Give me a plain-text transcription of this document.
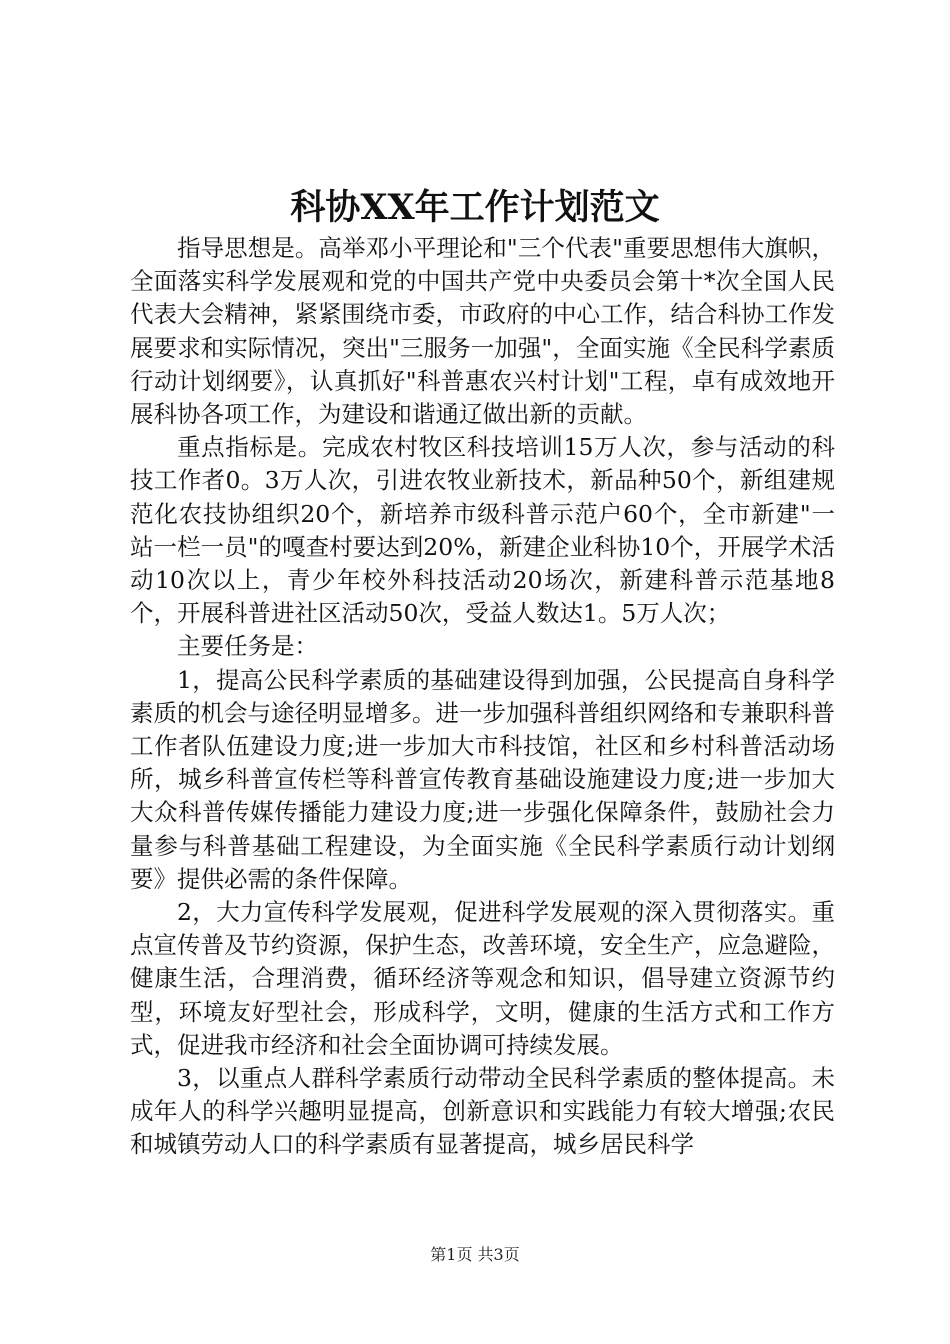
科协XX年工作计划范文

指导思想是。高举邓小平理论和"三个代表"重要思想伟大旗帜，全面落实科学发展观和党的中国共产党中央委员会第十*次全国人民代表大会精神，紧紧围绕市委，市政府的中心工作，结合科协工作发展要求和实际情况，突出"三服务一加强"，全面实施《全民科学素质行动计划纲要》，认真抓好"科普惠农兴村计划"工程，卓有成效地开展科协各项工作，为建设和谐通辽做出新的贡献。

重点指标是。完成农村牧区科技培训15万人次，参与活动的科技工作者0。3万人次，引进农牧业新技术，新品种50个，新组建规范化农技协组织20个，新培养市级科普示范户60个，全市新建"一站一栏一员"的嘎查村要达到20%，新建企业科协10个，开展学术活动10次以上，青少年校外科技活动20场次，新建科普示范基地8个，开展科普进社区活动50次，受益人数达1。5万人次；

主要任务是：

1，提高公民科学素质的基础建设得到加强，公民提高自身科学素质的机会与途径明显增多。进一步加强科普组织网络和专兼职科普工作者队伍建设力度;进一步加大市科技馆，社区和乡村科普活动场所，城乡科普宣传栏等科普宣传教育基础设施建设力度;进一步加大大众科普传媒传播能力建设力度;进一步强化保障条件，鼓励社会力量参与科普基础工程建设，为全面实施《全民科学素质行动计划纲要》提供必需的条件保障。

2，大力宣传科学发展观，促进科学发展观的深入贯彻落实。重点宣传普及节约资源，保护生态，改善环境，安全生产，应急避险，健康生活，合理消费，循环经济等观念和知识，倡导建立资源节约型，环境友好型社会，形成科学，文明，健康的生活方式和工作方式，促进我市经济和社会全面协调可持续发展。

3，以重点人群科学素质行动带动全民科学素质的整体提高。未成年人的科学兴趣明显提高，创新意识和实践能力有较大增强;农民和城镇劳动人口的科学素质有显著提高，城乡居民科学

第1页 共3页
